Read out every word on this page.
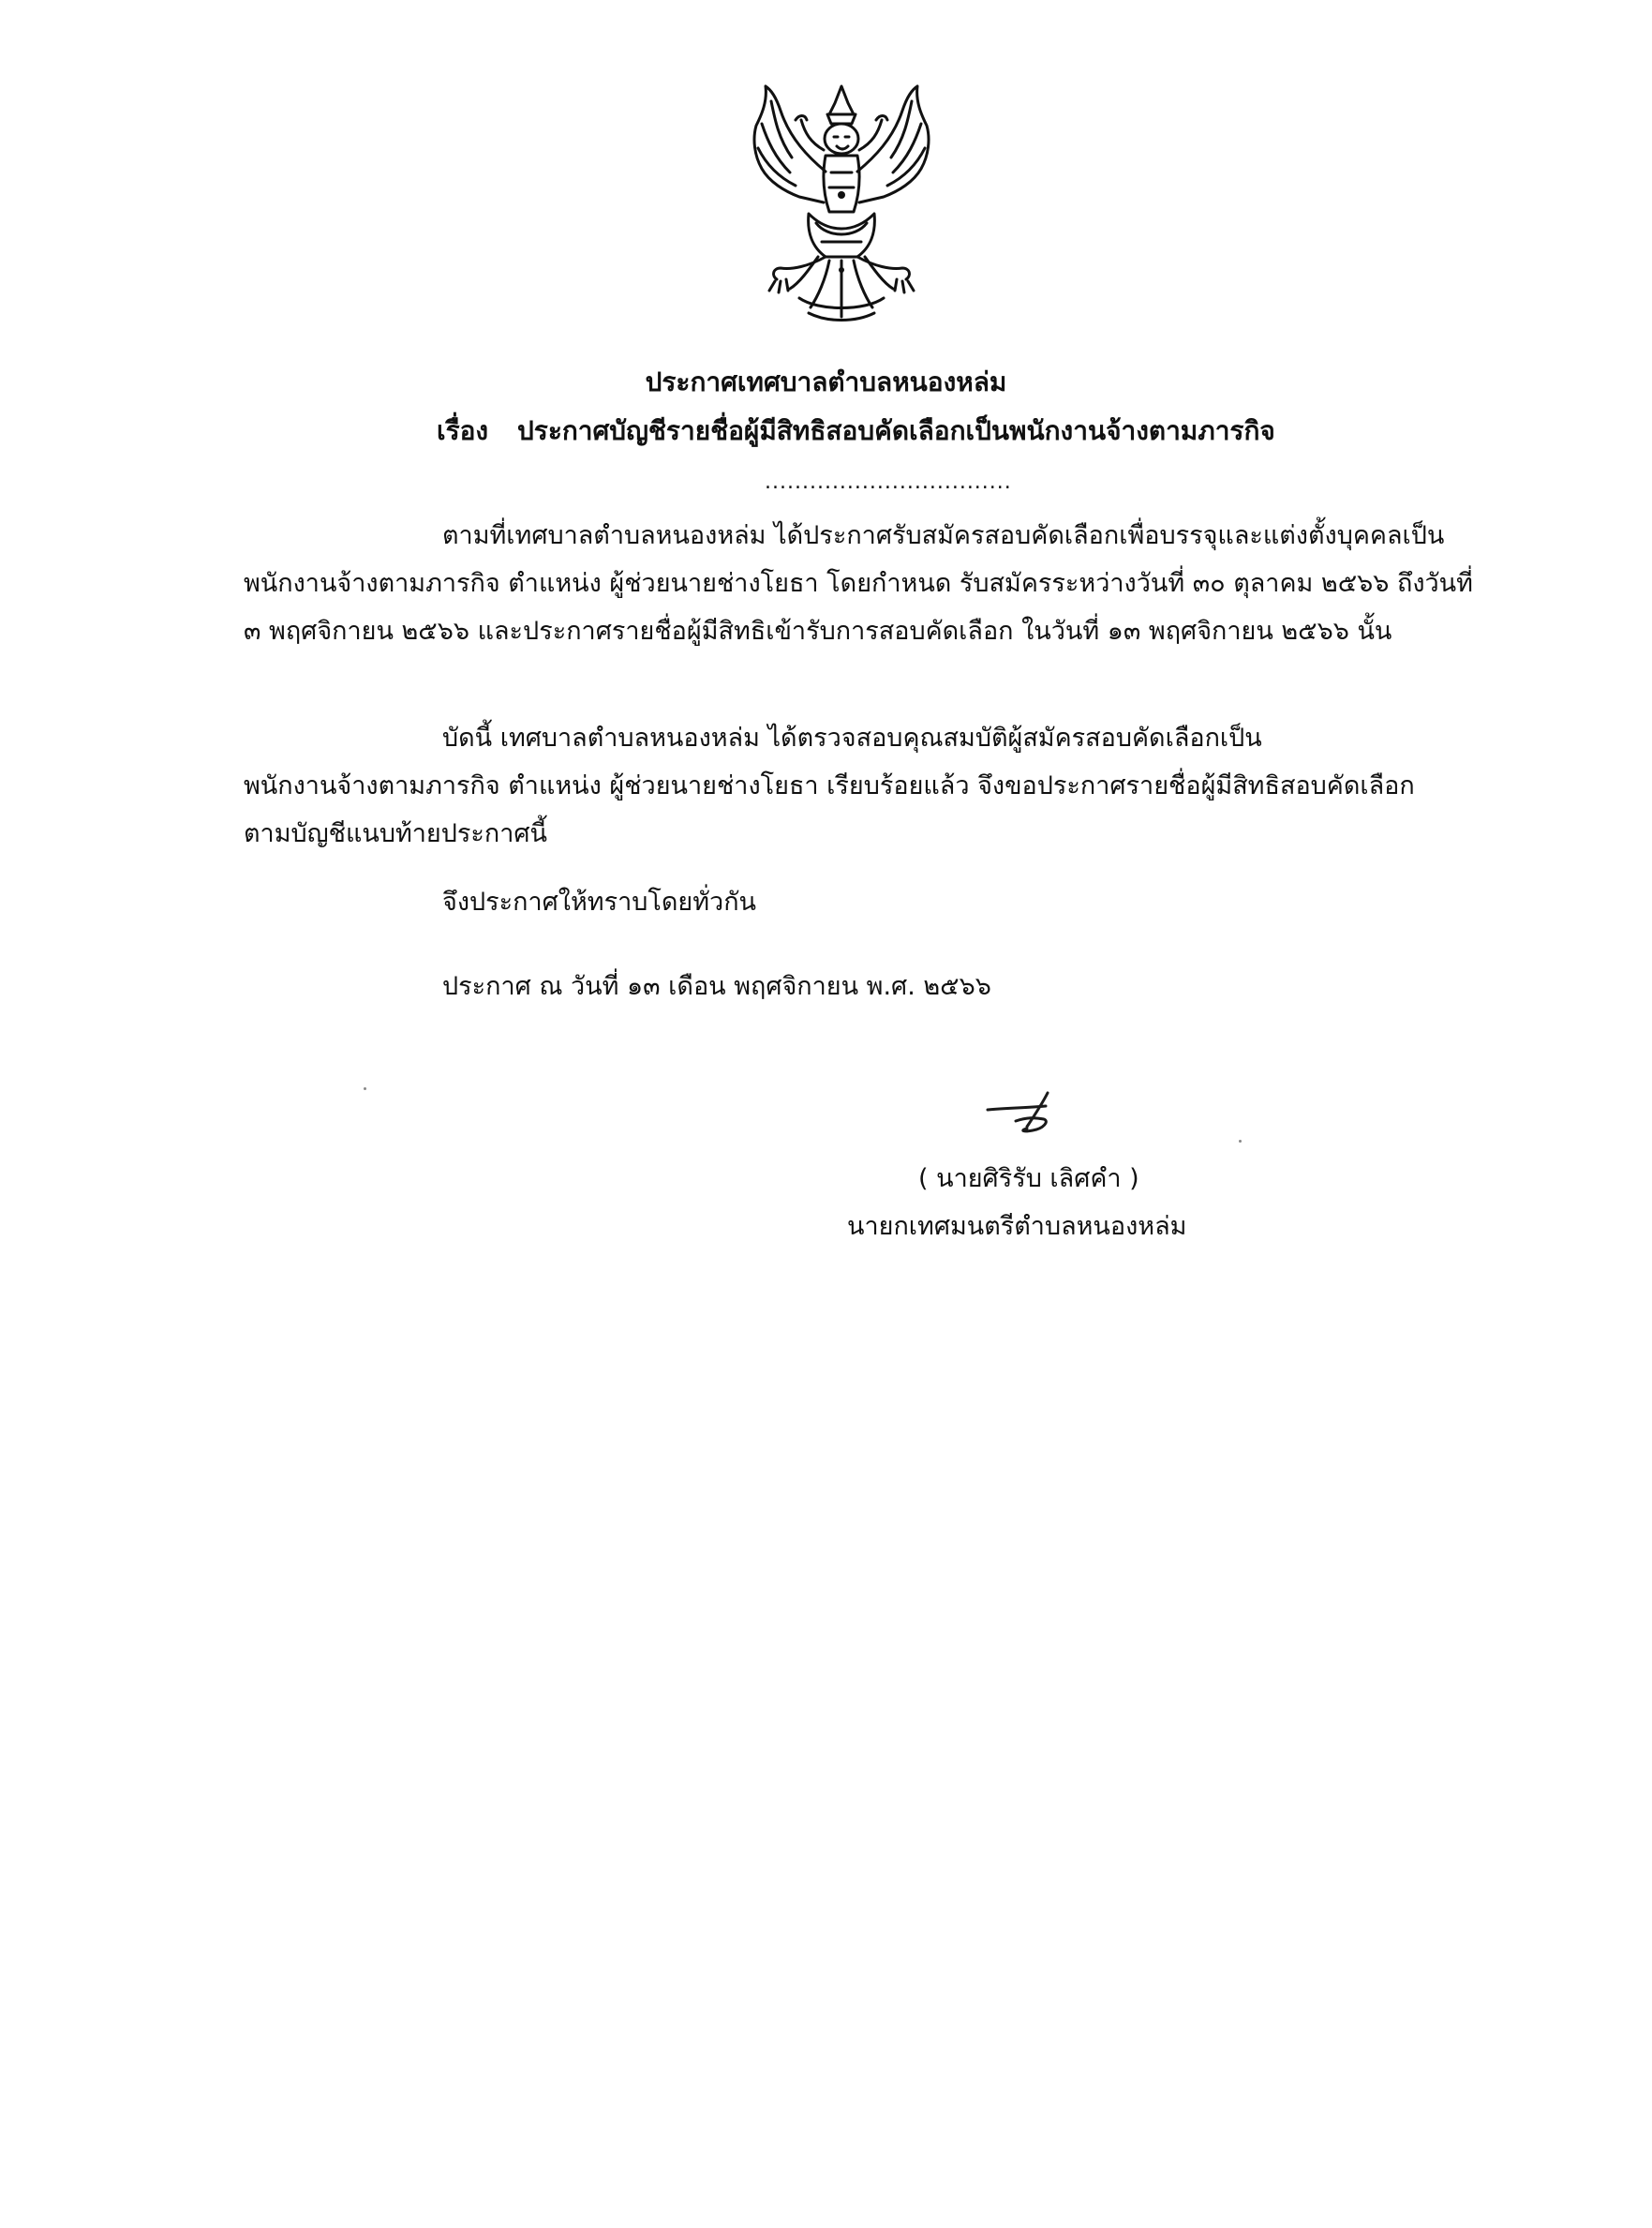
ประกาศเทศบาลตำบลหนองหล่ม
เรื่อง ประกาศบัญชีรายชื่อผู้มีสิทธิสอบคัดเลือกเป็นพนักงานจ้างตามภารกิจ
.................................
ตามที่เทศบาลตำบลหนองหล่ม ได้ประกาศรับสมัครสอบคัดเลือกเพื่อบรรจุและแต่งตั้งบุคคลเป็น
พนักงานจ้างตามภารกิจ ตำแหน่ง ผู้ช่วยนายช่างโยธา โดยกำหนด รับสมัครระหว่างวันที่ ๓๐ ตุลาคม ๒๕๖๖ ถึงวันที่
๓ พฤศจิกายน ๒๕๖๖ และประกาศรายชื่อผู้มีสิทธิเข้ารับการสอบคัดเลือก ในวันที่ ๑๓ พฤศจิกายน ๒๕๖๖ นั้น
บัดนี้ เทศบาลตำบลหนองหล่ม ได้ตรวจสอบคุณสมบัติผู้สมัครสอบคัดเลือกเป็น
พนักงานจ้างตามภารกิจ ตำแหน่ง ผู้ช่วยนายช่างโยธา เรียบร้อยแล้ว จึงขอประกาศรายชื่อผู้มีสิทธิสอบคัดเลือก
ตามบัญชีแนบท้ายประกาศนี้
จึงประกาศให้ทราบโดยทั่วกัน
ประกาศ ณ วันที่ ๑๓ เดือน พฤศจิกายน พ.ศ. ๒๕๖๖
( นายศิริรับ เลิศคำ )
นายกเทศมนตรีตำบลหนองหล่ม
